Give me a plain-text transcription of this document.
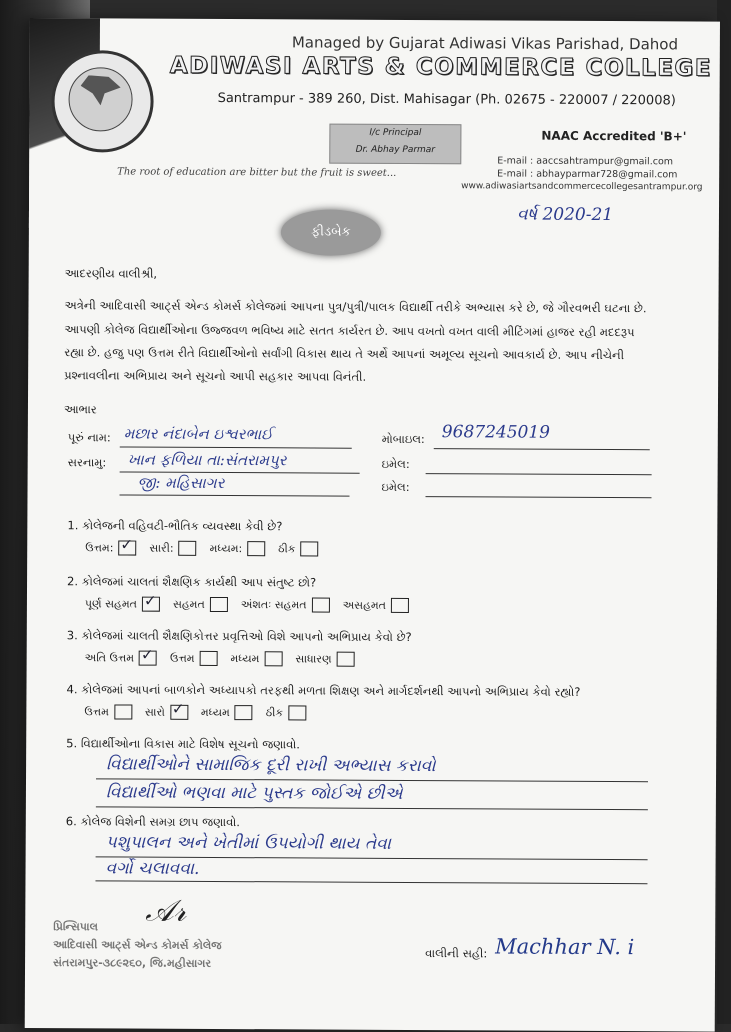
Managed by Gujarat Adiwasi Vikas Parishad, Dahod
ADIWASI ARTS & COMMERCE COLLEGE
Santrampur - 389 260, Dist. Mahisagar (Ph. 02675 - 220007 / 220008)
I/c Principal
Dr. Abhay Parmar
NAAC Accredited 'B+'
E-mail : aaccsahtrampur@gmail.com
E-mail : abhayparmar728@gmail.com
The root of education are bitter but the fruit is sweet...
www.adiwasiartsandcommercecollegesantrampur.org
ફીડબેક
વર્ષ 2020-21
આદરણીય વાલીશ્રી,
અત્રેની આદિવાસી આર્ટ્સ એન્ડ કોમર્સ કોલેજમાં આપના પુત્ર/પુત્રી/પાલક વિદ્યાર્થી તરીકે અભ્યાસ કરે છે, જે ગૌરવભરી ઘટના છે.
આપણી કોલેજ વિદ્યાર્થીઓના ઉજ્જવળ ભવિષ્ય માટે સતત કાર્યરત છે. આપ વખતો વખત વાલી મીટિંગમાં હાજર રહી મદદરૂપ
રહ્યા છે. હજુ પણ ઉત્તમ રીતે વિદ્યાર્થીઓનો સર્વાંગી વિકાસ થાય તે અર્થે આપનાં અમૂલ્ય સૂચનો આવકાર્ય છે. આપ નીચેની
પ્રશ્નાવલીના અભિપ્રાય અને સૂચનો આપી સહકાર આપવા વિનંતી.
આભાર
પૂરું નામ: મછાર નંદાબેન ઇશ્વરભાઈ	મોબાઇલ: 9687245019
સરનામુ: ખાન ફળિયા તા:સંતરામપુર	ઇમેલ:
જી: મહિસાગર	ઇમેલ:
1. કોલેજની વહિવટી-ભૌતિક વ્યવસ્થા કેવી છે?
ઉત્તમ: ✓ સારી:	મધ્યમ:	ઠીક
2. કોલેજમાં ચાલતાં શૈક્ષણિક કાર્યથી આપ સંતુષ્ટ છો?
પૂર્ણ સહમત ✓ સહમત	અંશતઃ સહમત	અસહમત
3. કોલેજમાં ચાલતી શૈક્ષણિકોત્તર પ્રવૃત્તિઓ વિશે આપનો અભિપ્રાય કેવો છે?
અતિ ઉત્તમ ✓ ઉત્તમ	મધ્યમ	સાધારણ
4. કોલેજમાં આપનાં બાળકોને અધ્યાપકો તરફથી મળતા શિક્ષણ અને માર્ગદર્શનથી આપનો અભિપ્રાય કેવો રહ્યો?
ઉત્તમ	સારો ✓ મધ્યમ	ઠીક
5. વિદ્યાર્થીઓના વિકાસ માટે વિશેષ સૂચનો જણાવો.
વિદ્યાર્થીઓને સામાજિક દૂરી રાખી અભ્યાસ કરાવો
વિદ્યાર્થીઓ ભણવા માટે પુસ્તક જોઈએ છીએ
6. કોલેજ વિશેની સમગ્ર છાપ જણાવો.
પશુપાલન અને ખેતીમાં ઉપયોગી થાય તેવા
વર્ગો ચલાવવા.
𝒜𝓇
પ્રિન્સિપાલ
આદિવાસી આર્ટ્સ એન્ડ કોમર્સ કોલેજ
સંતરામપુર-૩૮૯૨૬૦, જિ.મહીસાગર
વાલીની સહી: Machhar N. i
